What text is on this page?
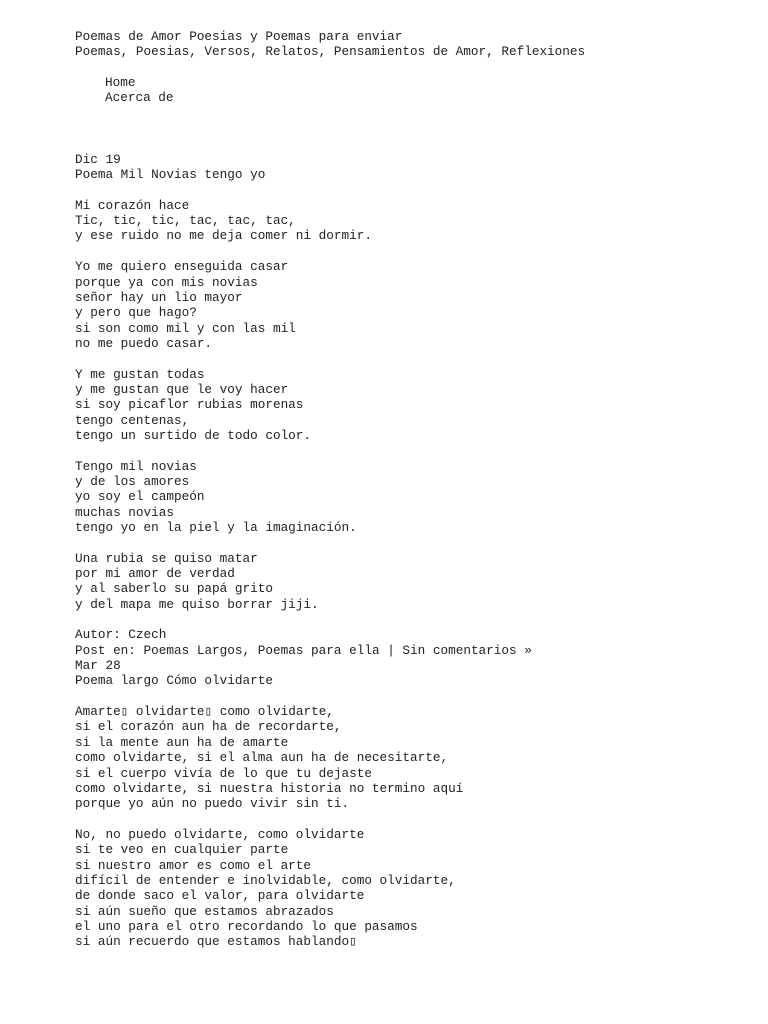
Poemas de Amor Poesias y Poemas para enviar
Poemas, Poesias, Versos, Relatos, Pensamientos de Amor, Reflexiones
Home
Acerca de
Dic 19
Poema Mil Novias tengo yo
Mi corazón hace
Tic, tic, tic, tac, tac, tac,
y ese ruido no me deja comer ni dormir.
Yo me quiero enseguida casar
porque ya con mis novias
señor hay un lio mayor
y pero que hago?
si son como mil y con las mil
no me puedo casar.
Y me gustan todas
y me gustan que le voy hacer
si soy picaflor rubias morenas
tengo centenas,
tengo un surtido de todo color.
Tengo mil novias
y de los amores
yo soy el campeón
muchas novias
tengo yo en la piel y la imaginación.
Una rubia se quiso matar
por mi amor de verdad
y al saberlo su papá grito
y del mapa me quiso borrar jiji.
Autor: Czech
Post en: Poemas Largos, Poemas para ella | Sin comentarios »
Mar 28
Poema largo Cómo olvidarte
Amarte▯ olvidarte▯ como olvidarte,
si el corazón aun ha de recordarte,
si la mente aun ha de amarte
como olvidarte, si el alma aun ha de necesitarte,
si el cuerpo vivía de lo que tu dejaste
como olvidarte, si nuestra historia no termino aquí
porque yo aún no puedo vivir sin ti.
No, no puedo olvidarte, como olvidarte
si te veo en cualquier parte
si nuestro amor es como el arte
difícil de entender e inolvidable, como olvidarte,
de donde saco el valor, para olvidarte
si aún sueño que estamos abrazados
el uno para el otro recordando lo que pasamos
si aún recuerdo que estamos hablando▯
